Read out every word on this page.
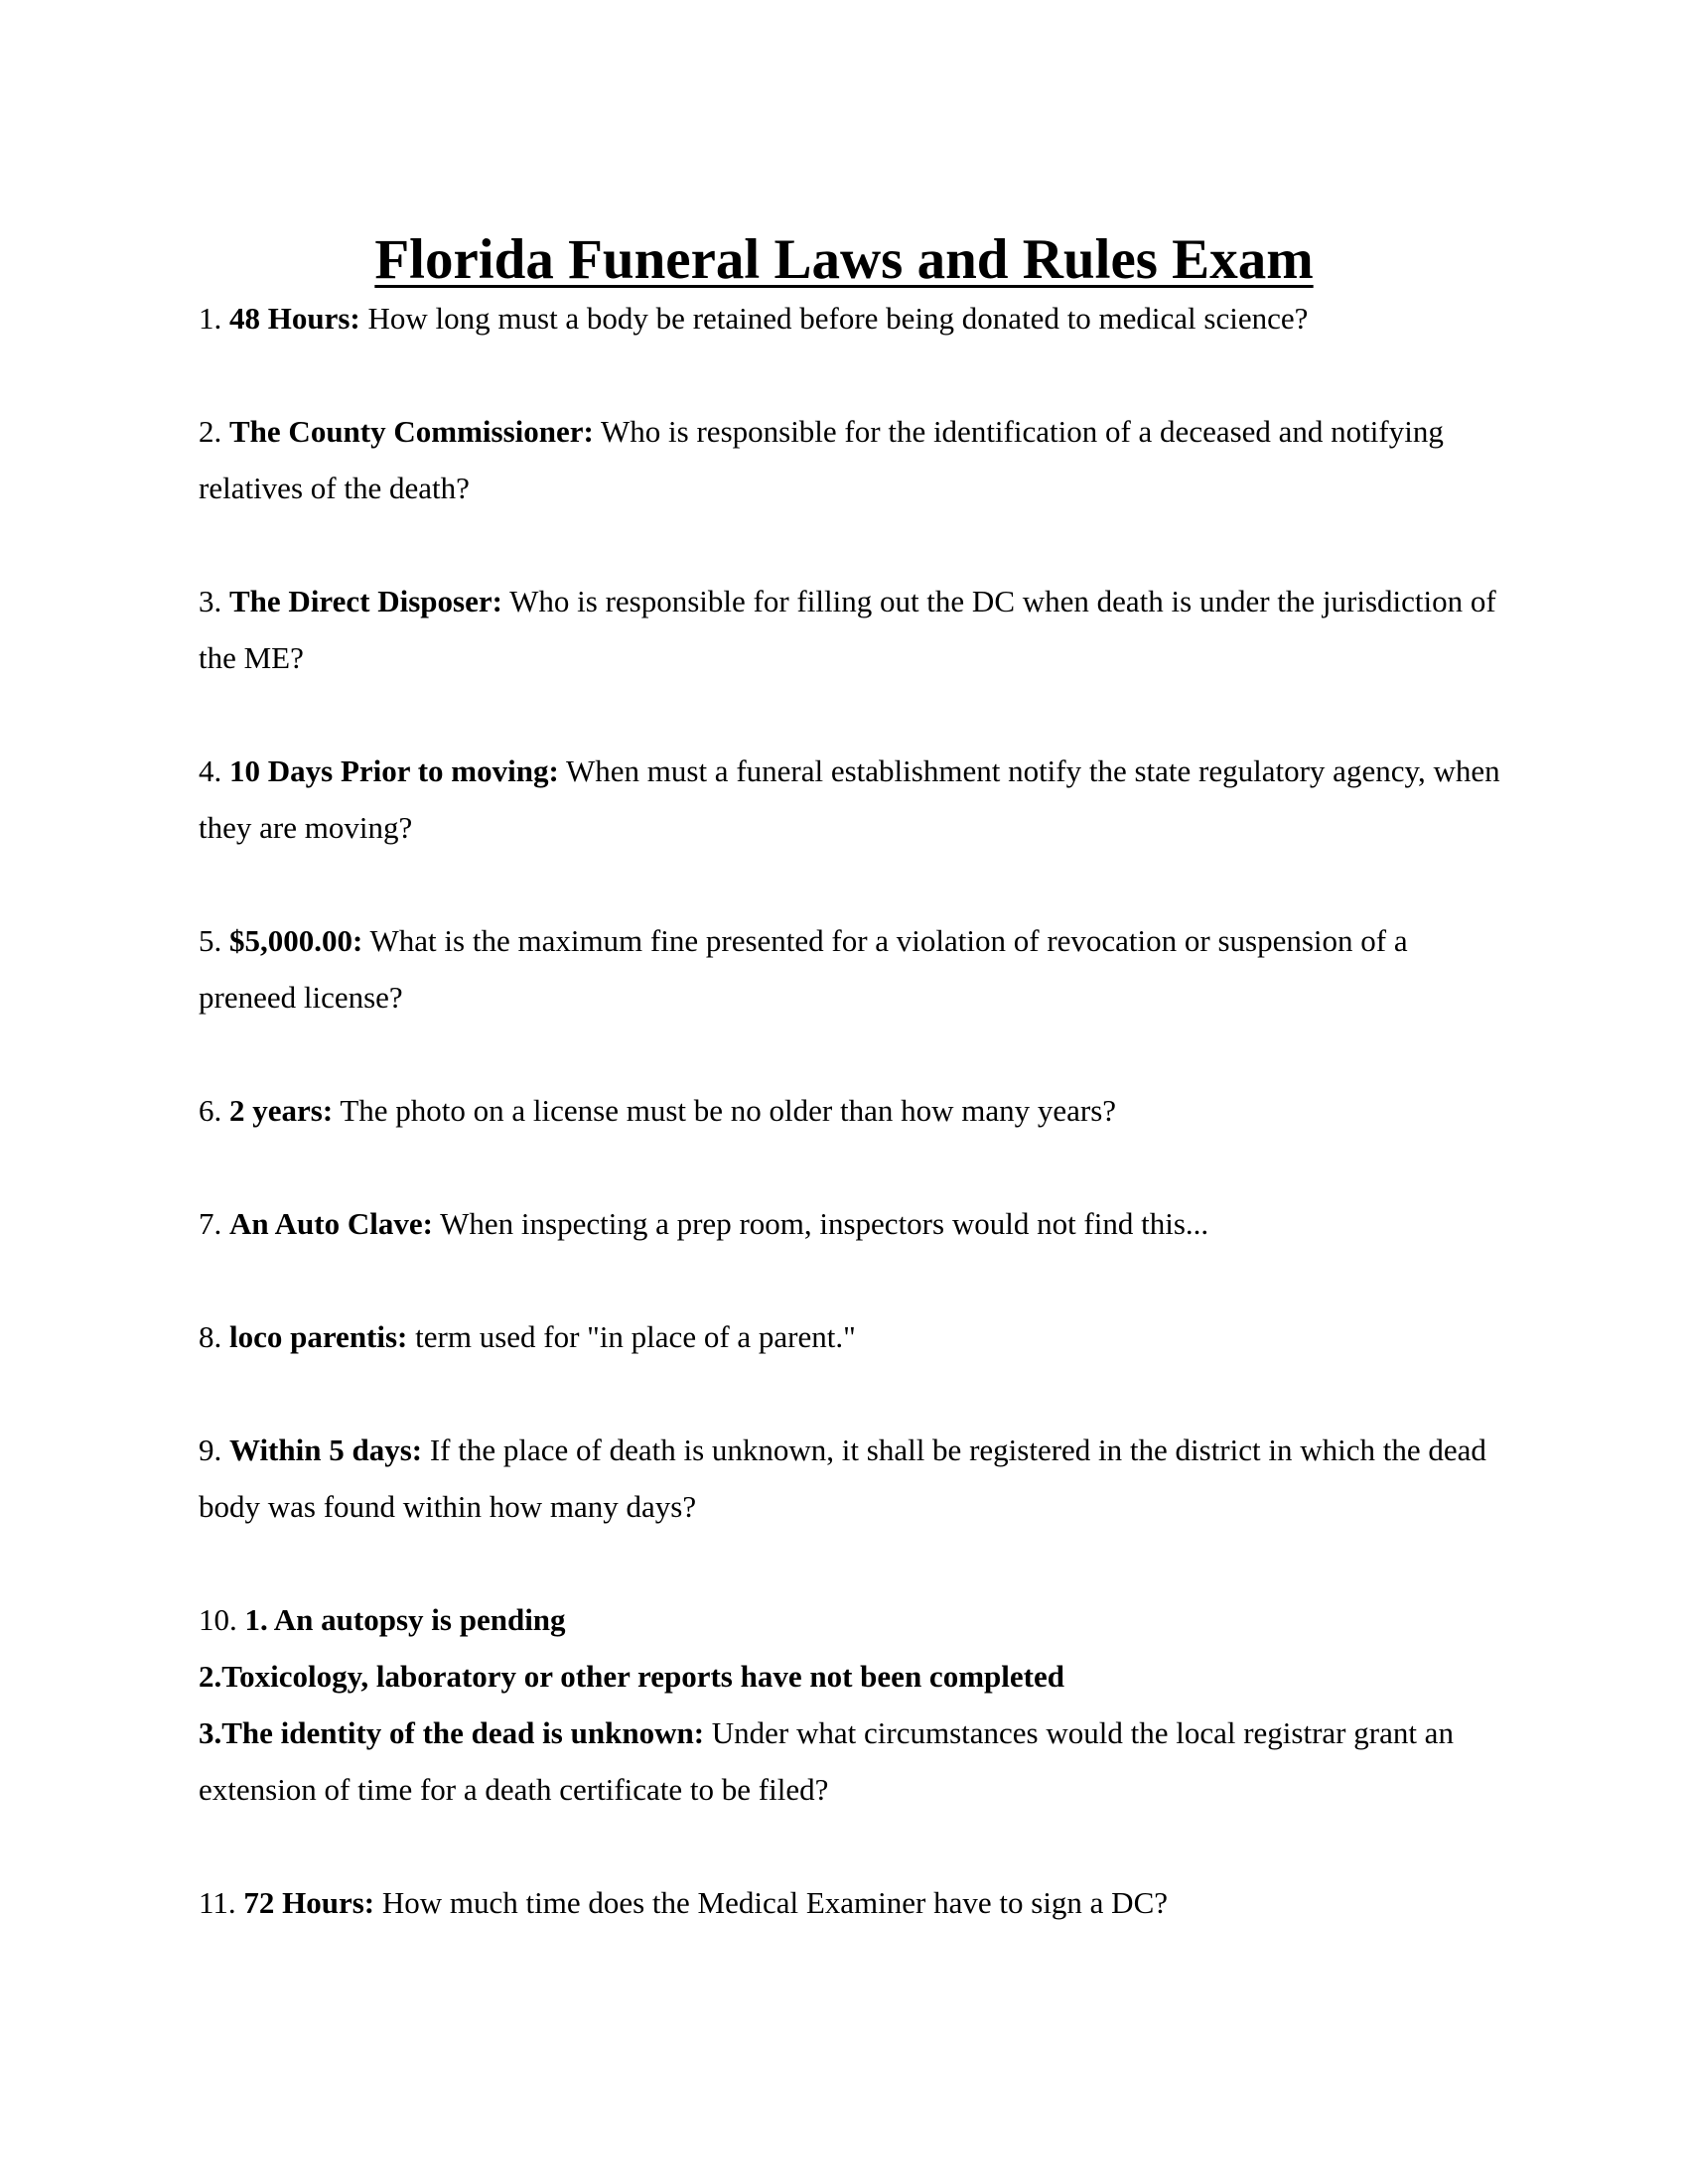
Florida Funeral Laws and Rules Exam
1. 48 Hours: How long must a body be retained before being donated to medical science?
2. The County Commissioner: Who is responsible for the identification of a deceased and notifying relatives of the death?
3. The Direct Disposer: Who is responsible for filling out the DC when death is under the jurisdiction of the ME?
4. 10 Days Prior to moving: When must a funeral establishment notify the state regulatory agency, when they are moving?
5. $5,000.00: What is the maximum fine presented for a violation of revocation or suspension of a preneed license?
6. 2 years: The photo on a license must be no older than how many years?
7. An Auto Clave: When inspecting a prep room, inspectors would not find this...
8. loco parentis: term used for "in place of a parent."
9. Within 5 days: If the place of death is unknown, it shall be registered in the district in which the dead body was found within how many days?
10. 1. An autopsy is pending
2.Toxicology, laboratory or other reports have not been completed
3.The identity of the dead is unknown: Under what circumstances would the local registrar grant an extension of time for a death certificate to be filed?
11. 72 Hours: How much time does the Medical Examiner have to sign a DC?
